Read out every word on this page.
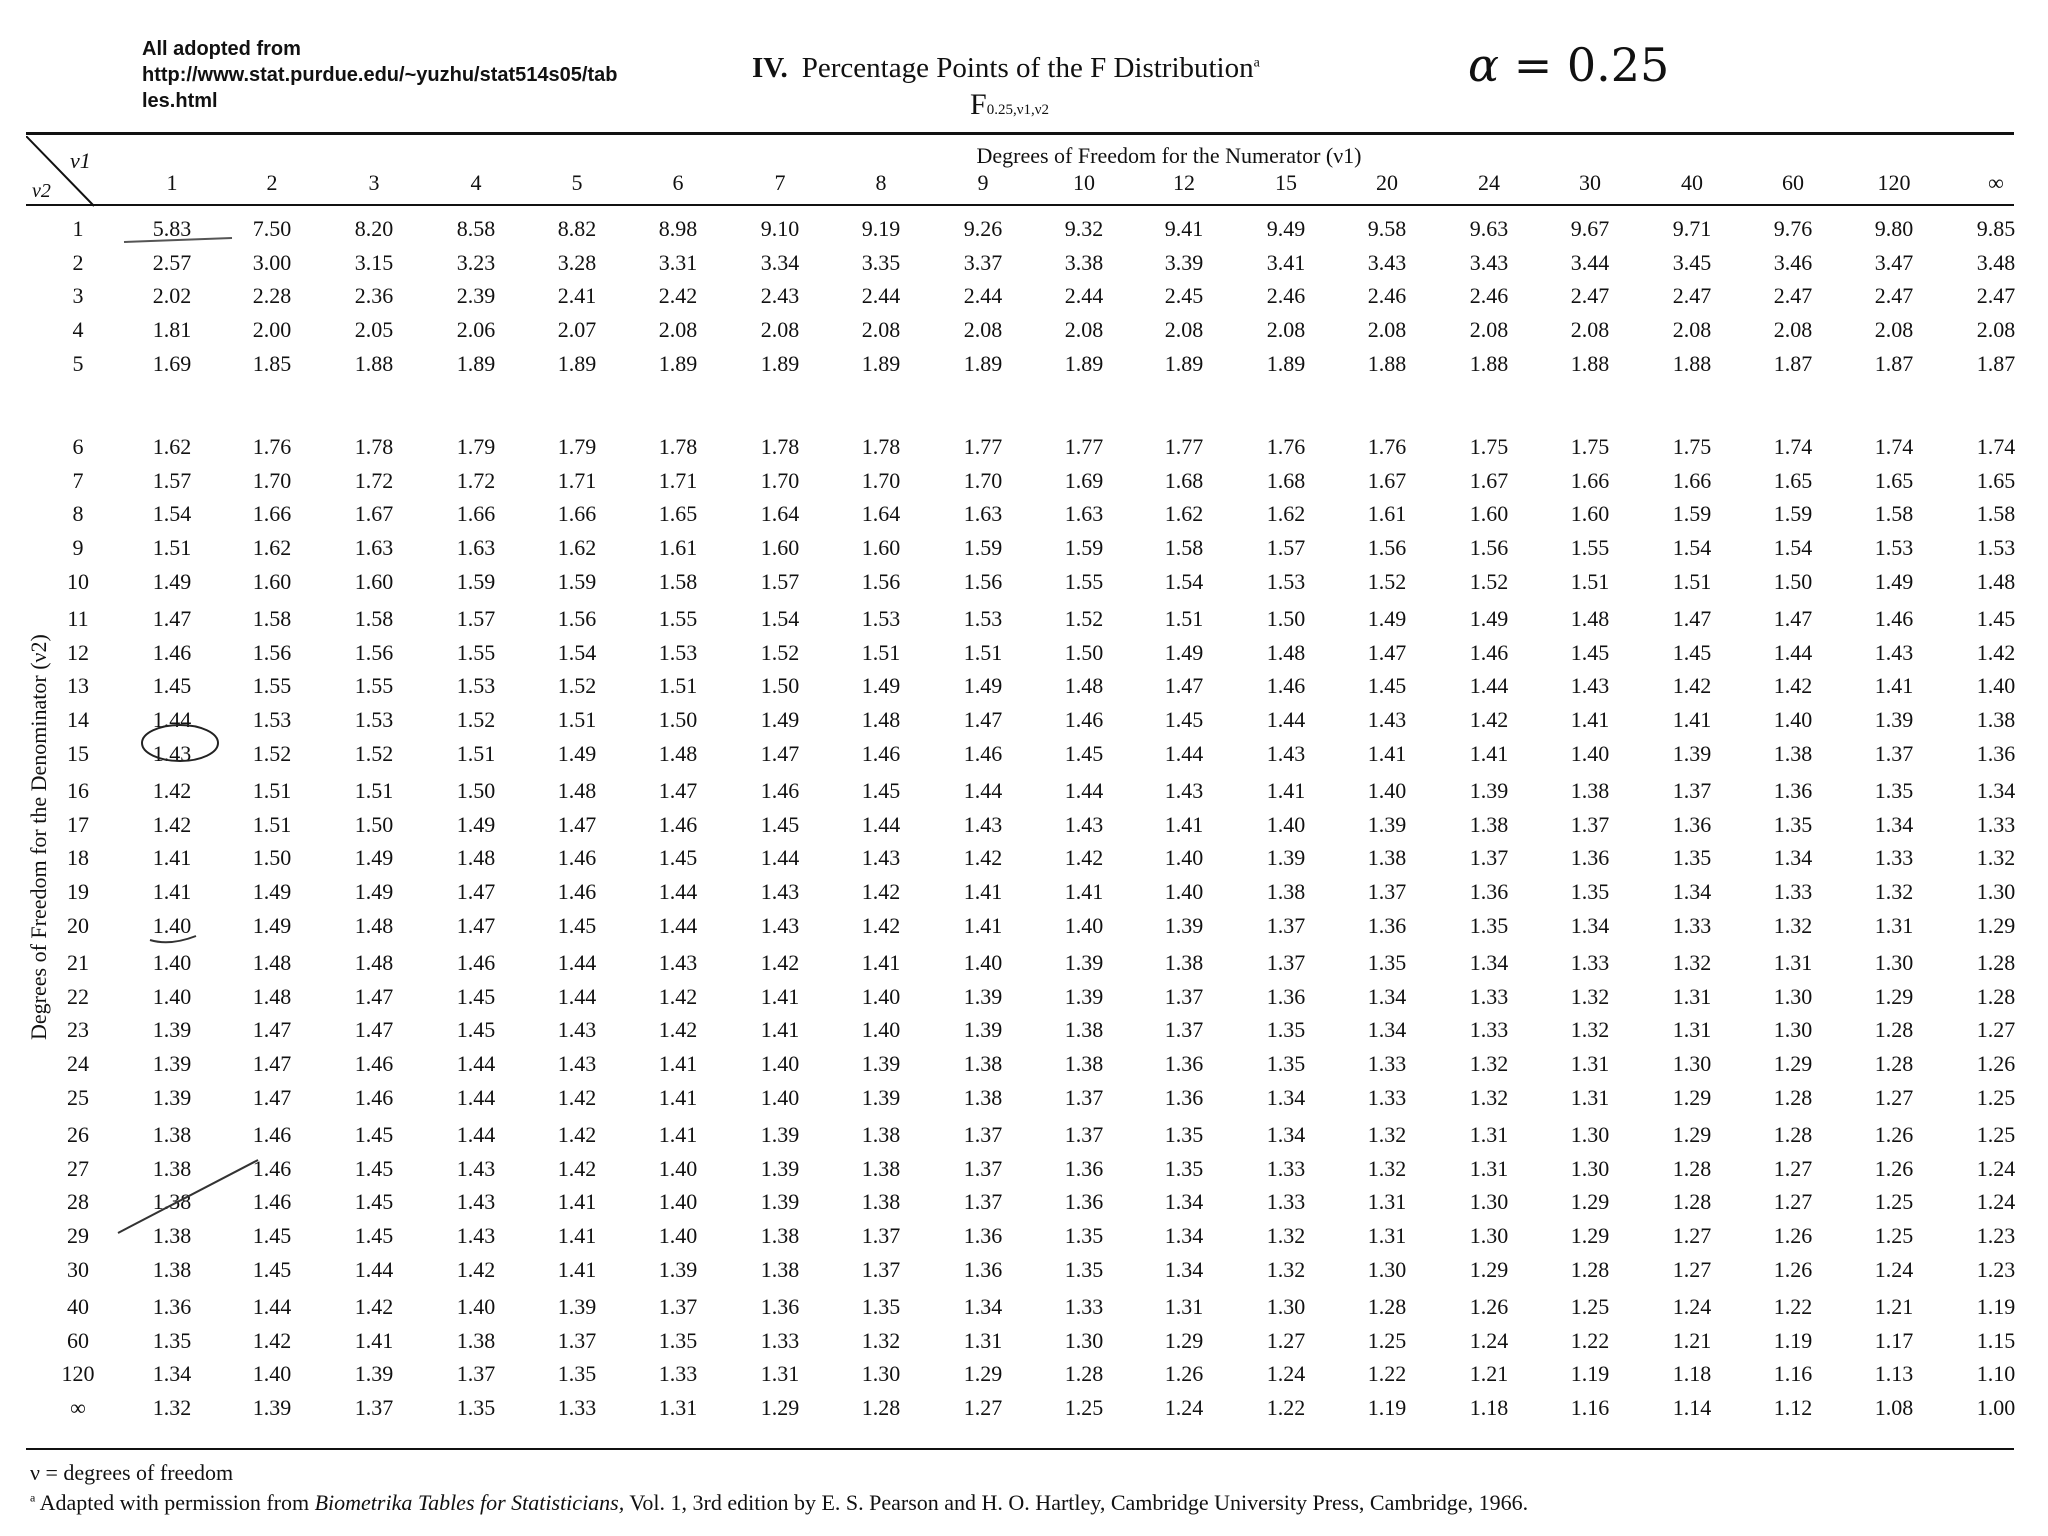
All adopted from
http://www.stat.purdue.edu/~yuzhu/stat514s05/tab
les.html
IV. Percentage Points of the F Distribution$^a$
F0.25,ν1,ν2
α = 0.25
ν1
ν2
Degrees of Freedom for the Numerator (ν1)
Degrees of Freedom for the Denominator (ν2)
1	2	3	4	5	6	7	8	9	10	12	15	20	24	30	40	60	120	∞
1	5.83	7.50	8.20	8.58	8.82	8.98	9.10	9.19	9.26	9.32	9.41	9.49	9.58	9.63	9.67	9.71	9.76	9.80	9.85
2	2.57	3.00	3.15	3.23	3.28	3.31	3.34	3.35	3.37	3.38	3.39	3.41	3.43	3.43	3.44	3.45	3.46	3.47	3.48
3	2.02	2.28	2.36	2.39	2.41	2.42	2.43	2.44	2.44	2.44	2.45	2.46	2.46	2.46	2.47	2.47	2.47	2.47	2.47
4	1.81	2.00	2.05	2.06	2.07	2.08	2.08	2.08	2.08	2.08	2.08	2.08	2.08	2.08	2.08	2.08	2.08	2.08	2.08
5	1.69	1.85	1.88	1.89	1.89	1.89	1.89	1.89	1.89	1.89	1.89	1.89	1.88	1.88	1.88	1.88	1.87	1.87	1.87
6	1.62	1.76	1.78	1.79	1.79	1.78	1.78	1.78	1.77	1.77	1.77	1.76	1.76	1.75	1.75	1.75	1.74	1.74	1.74
7	1.57	1.70	1.72	1.72	1.71	1.71	1.70	1.70	1.70	1.69	1.68	1.68	1.67	1.67	1.66	1.66	1.65	1.65	1.65
8	1.54	1.66	1.67	1.66	1.66	1.65	1.64	1.64	1.63	1.63	1.62	1.62	1.61	1.60	1.60	1.59	1.59	1.58	1.58
9	1.51	1.62	1.63	1.63	1.62	1.61	1.60	1.60	1.59	1.59	1.58	1.57	1.56	1.56	1.55	1.54	1.54	1.53	1.53
10	1.49	1.60	1.60	1.59	1.59	1.58	1.57	1.56	1.56	1.55	1.54	1.53	1.52	1.52	1.51	1.51	1.50	1.49	1.48
11	1.47	1.58	1.58	1.57	1.56	1.55	1.54	1.53	1.53	1.52	1.51	1.50	1.49	1.49	1.48	1.47	1.47	1.46	1.45
12	1.46	1.56	1.56	1.55	1.54	1.53	1.52	1.51	1.51	1.50	1.49	1.48	1.47	1.46	1.45	1.45	1.44	1.43	1.42
13	1.45	1.55	1.55	1.53	1.52	1.51	1.50	1.49	1.49	1.48	1.47	1.46	1.45	1.44	1.43	1.42	1.42	1.41	1.40
14	1.44	1.53	1.53	1.52	1.51	1.50	1.49	1.48	1.47	1.46	1.45	1.44	1.43	1.42	1.41	1.41	1.40	1.39	1.38
15	1.43	1.52	1.52	1.51	1.49	1.48	1.47	1.46	1.46	1.45	1.44	1.43	1.41	1.41	1.40	1.39	1.38	1.37	1.36
16	1.42	1.51	1.51	1.50	1.48	1.47	1.46	1.45	1.44	1.44	1.43	1.41	1.40	1.39	1.38	1.37	1.36	1.35	1.34
17	1.42	1.51	1.50	1.49	1.47	1.46	1.45	1.44	1.43	1.43	1.41	1.40	1.39	1.38	1.37	1.36	1.35	1.34	1.33
18	1.41	1.50	1.49	1.48	1.46	1.45	1.44	1.43	1.42	1.42	1.40	1.39	1.38	1.37	1.36	1.35	1.34	1.33	1.32
19	1.41	1.49	1.49	1.47	1.46	1.44	1.43	1.42	1.41	1.41	1.40	1.38	1.37	1.36	1.35	1.34	1.33	1.32	1.30
20	1.40	1.49	1.48	1.47	1.45	1.44	1.43	1.42	1.41	1.40	1.39	1.37	1.36	1.35	1.34	1.33	1.32	1.31	1.29
21	1.40	1.48	1.48	1.46	1.44	1.43	1.42	1.41	1.40	1.39	1.38	1.37	1.35	1.34	1.33	1.32	1.31	1.30	1.28
22	1.40	1.48	1.47	1.45	1.44	1.42	1.41	1.40	1.39	1.39	1.37	1.36	1.34	1.33	1.32	1.31	1.30	1.29	1.28
23	1.39	1.47	1.47	1.45	1.43	1.42	1.41	1.40	1.39	1.38	1.37	1.35	1.34	1.33	1.32	1.31	1.30	1.28	1.27
24	1.39	1.47	1.46	1.44	1.43	1.41	1.40	1.39	1.38	1.38	1.36	1.35	1.33	1.32	1.31	1.30	1.29	1.28	1.26
25	1.39	1.47	1.46	1.44	1.42	1.41	1.40	1.39	1.38	1.37	1.36	1.34	1.33	1.32	1.31	1.29	1.28	1.27	1.25
26	1.38	1.46	1.45	1.44	1.42	1.41	1.39	1.38	1.37	1.37	1.35	1.34	1.32	1.31	1.30	1.29	1.28	1.26	1.25
27	1.38	1.46	1.45	1.43	1.42	1.40	1.39	1.38	1.37	1.36	1.35	1.33	1.32	1.31	1.30	1.28	1.27	1.26	1.24
28	1.38	1.46	1.45	1.43	1.41	1.40	1.39	1.38	1.37	1.36	1.34	1.33	1.31	1.30	1.29	1.28	1.27	1.25	1.24
29	1.38	1.45	1.45	1.43	1.41	1.40	1.38	1.37	1.36	1.35	1.34	1.32	1.31	1.30	1.29	1.27	1.26	1.25	1.23
30	1.38	1.45	1.44	1.42	1.41	1.39	1.38	1.37	1.36	1.35	1.34	1.32	1.30	1.29	1.28	1.27	1.26	1.24	1.23
40	1.36	1.44	1.42	1.40	1.39	1.37	1.36	1.35	1.34	1.33	1.31	1.30	1.28	1.26	1.25	1.24	1.22	1.21	1.19
60	1.35	1.42	1.41	1.38	1.37	1.35	1.33	1.32	1.31	1.30	1.29	1.27	1.25	1.24	1.22	1.21	1.19	1.17	1.15
120	1.34	1.40	1.39	1.37	1.35	1.33	1.31	1.30	1.29	1.28	1.26	1.24	1.22	1.21	1.19	1.18	1.16	1.13	1.10
∞	1.32	1.39	1.37	1.35	1.33	1.31	1.29	1.28	1.27	1.25	1.24	1.22	1.19	1.18	1.16	1.14	1.12	1.08	1.00
ν = degrees of freedom
$^a$ Adapted with permission from Biometrika Tables for Statisticians, Vol. 1, 3rd edition by E. S. Pearson and H. O. Hartley, Cambridge University Press, Cambridge, 1966.
